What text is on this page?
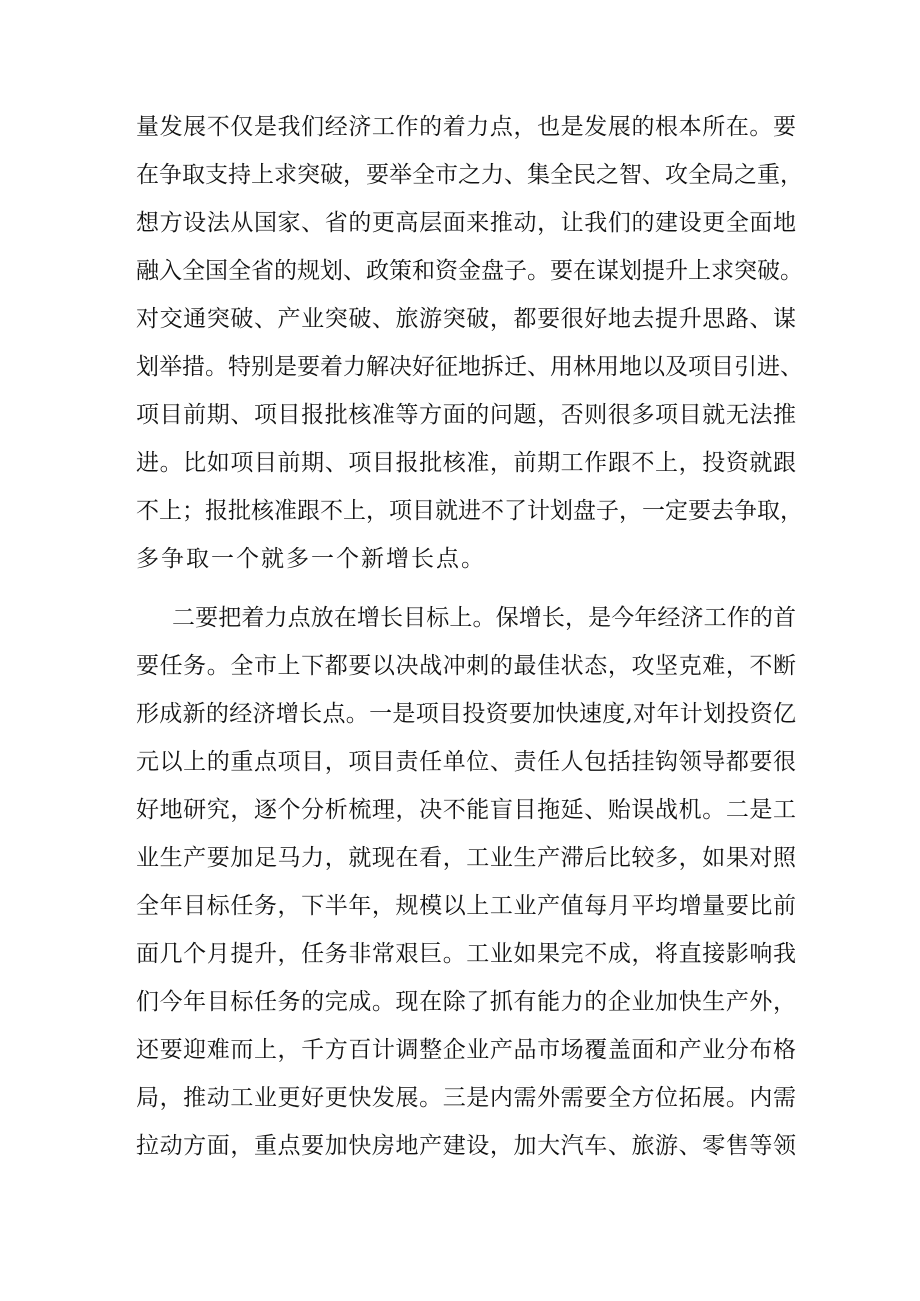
量发展不仅是我们经济工作的着力点，也是发展的根本所在。要
在争取支持上求突破，要举全市之力、集全民之智、攻全局之重，
想方设法从国家、省的更高层面来推动，让我们的建设更全面地
融入全国全省的规划、政策和资金盘子。要在谋划提升上求突破。
对交通突破、产业突破、旅游突破，都要很好地去提升思路、谋
划举措。特别是要着力解决好征地拆迁、用林用地以及项目引进、
项目前期、项目报批核准等方面的问题，否则很多项目就无法推
进。比如项目前期、项目报批核准，前期工作跟不上，投资就跟
不上；报批核准跟不上，项目就进不了计划盘子，一定要去争取，
多争取一个就多一个新增长点。
二要把着力点放在增长目标上。保增长，是今年经济工作的首
要任务。全市上下都要以决战冲刺的最佳状态，攻坚克难，不断
形成新的经济增长点。一是项目投资要加快速度,对年计划投资亿
元以上的重点项目，项目责任单位、责任人包括挂钩领导都要很
好地研究，逐个分析梳理，决不能盲目拖延、贻误战机。二是工
业生产要加足马力，就现在看，工业生产滞后比较多，如果对照
全年目标任务，下半年，规模以上工业产值每月平均增量要比前
面几个月提升，任务非常艰巨。工业如果完不成，将直接影响我
们今年目标任务的完成。现在除了抓有能力的企业加快生产外，
还要迎难而上，千方百计调整企业产品市场覆盖面和产业分布格
局，推动工业更好更快发展。三是内需外需要全方位拓展。内需
拉动方面，重点要加快房地产建设，加大汽车、旅游、零售等领
